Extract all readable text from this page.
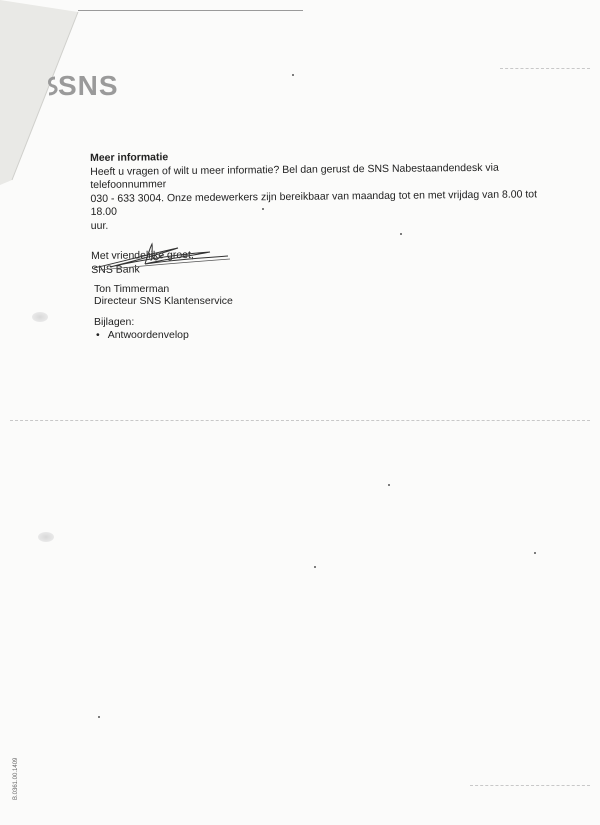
SNS
Meer informatie

Heeft u vragen of wilt u meer informatie? Bel dan gerust de SNS Nabestaandendesk via telefoonnummer

030 - 633 3004. Onze medewerkers zijn bereikbaar van maandag tot en met vrijdag van 8.00 tot 18.00

uur.

Met vriendelijke groet,
SNS Bank
Ton Timmerman
Directeur SNS Klantenservice
Bijlagen:
• Antwoordenvelop
B.0361.00.1409
